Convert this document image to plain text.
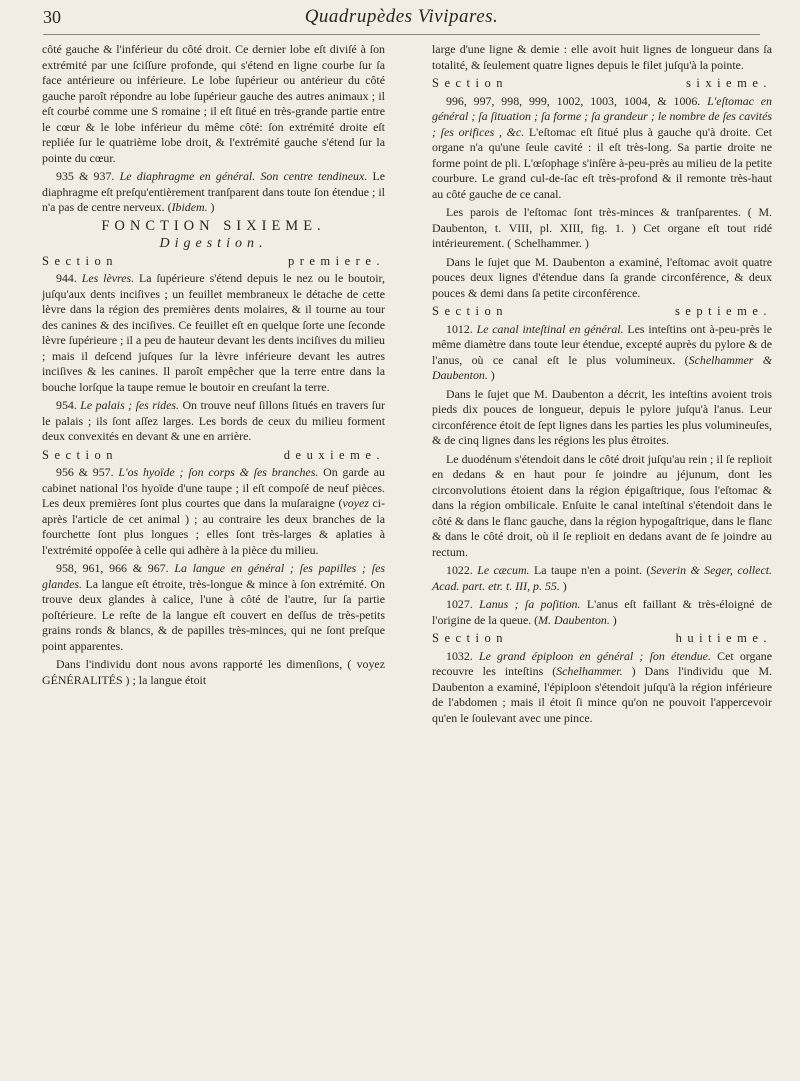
30	Quadrupèdes Vivipares.

côté gauche & l'inférieur du côté droit. Ce dernier lobe eſt diviſé à ſon extrémité par une ſciſſure profonde, qui s'étend en ligne courbe ſur ſa face antérieure ou inférieure. Le lobe ſupérieur ou antérieur du côté gauche paroît répondre au lobe ſupérieur gauche des autres animaux ; il eſt courbé comme une S romaine ; il eſt ſitué en très-grande partie entre le cœur & le lobe inférieur du même côté: ſon extrémité droite eſt repliée ſur le quatrième lobe droit, & l'extrémité gauche s'étend ſur la pointe du cœur.

935 & 937. Le diaphragme en général. Son centre tendineux. Le diaphragme eſt preſqu'entièrement tranſparent dans toute ſon étendue ; il n'a pas de centre nerveux. (Ibidem. )

FONCTION SIXIEME.
Digestion.
Section premiere.

944. Les lèvres. La ſupérieure s'étend depuis le nez ou le boutoir, juſqu'aux dents inciſives ; un feuillet membraneux le détache de cette lèvre dans la région des premières dents molaires, & il tourne au tour des canines & des inciſives. Ce feuillet eſt en quelque ſorte une ſeconde lèvre ſupérieure ; il a peu de hauteur devant les dents inciſives du milieu ; mais il deſcend juſques ſur la lèvre inférieure devant les autres inciſives & les canines. Il paroît empêcher que la terre entre dans la bouche lorſque la taupe remue le boutoir en creuſant la terre.

954. Le palais ; ſes rides. On trouve neuf ſillons ſitués en travers ſur le palais ; ils ſont aſſez larges. Les bords de ceux du milieu forment deux convexités en devant & une en arrière.

Section deuxieme.

956 & 957. L'os hyoïde ; ſon corps & ſes branches. On garde au cabinet national l'os hyoïde d'une taupe ; il eſt compoſé de neuf pièces. Les deux premières ſont plus courtes que dans la muſaraigne (voyez ci-après l'article de cet animal ) ; au contraire les deux branches de la fourchette ſont plus longues ; elles ſont très-larges & aplaties à l'extrémité oppoſée à celle qui adhère à la pièce du milieu.

958, 961, 966 & 967. La langue en général ; ſes papilles ; ſes glandes. La langue eſt étroite, très-longue & mince à ſon extrémité. On trouve deux glandes à calice, l'une à côté de l'autre, ſur ſa partie poſtérieure. Le reſte de la langue eſt couvert en deſſus de très-petits grains ronds & blancs, & de papilles très-minces, qui ne ſont preſque point apparentes.

Dans l'individu dont nous avons rapporté les dimenſions, ( voyez GÉNÉRALITÉS ) ; la langue étoit

large d'une ligne & demie : elle avoit huit lignes de longueur dans ſa totalité, & ſeulement quatre lignes depuis le filet juſqu'à la pointe.

Section sixieme.

996, 997, 998, 999, 1002, 1003, 1004, & 1006. L'eſtomac en général ; ſa ſituation ; ſa forme ; ſa grandeur ; le nombre de ſes cavités ; ſes orifices , &c. L'eſtomac eſt ſitué plus à gauche qu'à droite. Cet organe n'a qu'une ſeule cavité : il eſt très-long. Sa partie droite ne forme point de pli. L'œſophage s'inſère à-peu-près au milieu de la petite courbure. Le grand cul-de-ſac eſt très-profond & il remonte très-haut au côté gauche de ce canal.

Les parois de l'eſtomac ſont très-minces & tranſparentes. ( M. Daubenton, t. VIII, pl. XIII, fig. 1. ) Cet organe eſt tout ridé intérieurement. ( Schelhammer. )

Dans le ſujet que M. Daubenton a examiné, l'eſtomac avoit quatre pouces deux lignes d'étendue dans ſa grande circonférence, & deux pouces & demi dans ſa petite circonférence.

Section septieme.

1012. Le canal inteſtinal en général. Les inteſtins ont à-peu-près le même diamètre dans toute leur étendue, excepté auprès du pylore & de l'anus, où ce canal eſt le plus volumineux. (Schelhammer & Daubenton. )

Dans le ſujet que M. Daubenton a décrit, les inteſtins avoient trois pieds dix pouces de longueur, depuis le pylore juſqu'à l'anus. Leur circonférence étoit de ſept lignes dans les parties les plus volumineuſes, & de cinq lignes dans les régions les plus étroites.

Le duodénum s'étendoit dans le côté droit juſqu'au rein ; il ſe replioit en dedans & en haut pour ſe joindre au jéjunum, dont les circonvolutions étoient dans la région épigaſtrique, ſous l'eſtomac & dans la région ombilicale. Enſuite le canal inteſtinal s'étendoit dans le côté & dans le flanc gauche, dans la région hypogaſtrique, dans le flanc & dans le côté droit, où il ſe replioit en dedans avant de ſe joindre au rectum.

1022. Le cæcum. La taupe n'en a point. (Severin & Seger, collect. Acad. part. etr. t. III, p. 55. )

1027. Lanus ; ſa poſition. L'anus eſt faillant & très-éloigné de l'origine de la queue. (M. Daubenton. )

Section huitieme.

1032. Le grand épiploon en général ; ſon étendue. Cet organe recouvre les inteſtins (Schelhammer. ) Dans l'individu que M. Daubenton a examiné, l'épiploon s'étendoit juſqu'à la région inférieure de l'abdomen ; mais il étoit ſi mince qu'on ne pouvoit l'appercevoir qu'en le ſoulevant avec une pince.
